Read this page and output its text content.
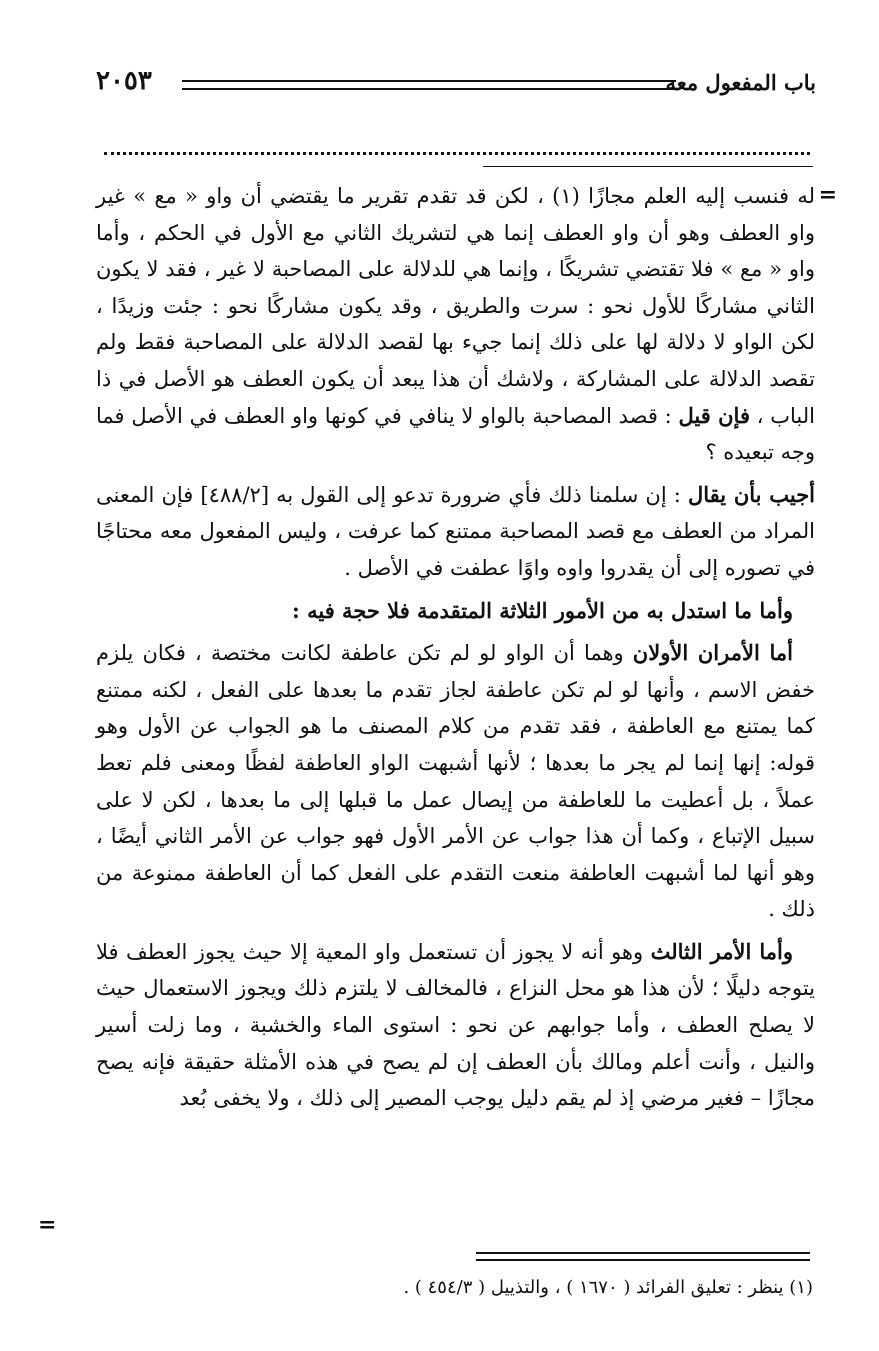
باب المفعول معه
٢٠٥٣
=

له فنسب إليه العلم مجازًا (١) ، لكن قد تقدم تقرير ما يقتضي أن واو « مع » غير واو العطف وهو أن واو العطف إنما هي لتشريك الثاني مع الأول في الحكم ، وأما واو « مع » فلا تقتضي تشريكًا ، وإنما هي للدلالة على المصاحبة لا غير ، فقد لا يكون الثاني مشاركًا للأول نحو : سرت والطريق ، وقد يكون مشاركًا نحو : جئت وزيدًا ، لكن الواو لا دلالة لها على ذلك إنما جيء بها لقصد الدلالة على المصاحبة فقط ولم تقصد الدلالة على المشاركة ، ولاشك أن هذا يبعد أن يكون العطف هو الأصل في ذا الباب ، فإن قيل : قصد المصاحبة بالواو لا ينافي في كونها واو العطف في الأصل فما وجه تبعيده ؟

أجيب بأن يقال : إن سلمنا ذلك فأي ضرورة تدعو إلى القول به [٤٨٨/٢] فإن المعنى المراد من العطف مع قصد المصاحبة ممتنع كما عرفت ، وليس المفعول معه محتاجًا في تصوره إلى أن يقدروا واوه واوًا عطفت في الأصل .

وأما ما استدل به من الأمور الثلاثة المتقدمة فلا حجة فيه :

أما الأمران الأولان وهما أن الواو لو لم تكن عاطفة لكانت مختصة ، فكان يلزم خفض الاسم ، وأنها لو لم تكن عاطفة لجاز تقدم ما بعدها على الفعل ، لكنه ممتنع كما يمتنع مع العاطفة ، فقد تقدم من كلام المصنف ما هو الجواب عن الأول وهو قوله: إنها إنما لم يجر ما بعدها ؛ لأنها أشبهت الواو العاطفة لفظًا ومعنى فلم تعط عملاً ، بل أعطيت ما للعاطفة من إيصال عمل ما قبلها إلى ما بعدها ، لكن لا على سبيل الإتباع ، وكما أن هذا جواب عن الأمر الأول فهو جواب عن الأمر الثاني أيضًا ، وهو أنها لما أشبهت العاطفة منعت التقدم على الفعل كما أن العاطفة ممنوعة من ذلك .

وأما الأمر الثالث وهو أنه لا يجوز أن تستعمل واو المعية إلا حيث يجوز العطف فلا يتوجه دليلًا ؛ لأن هذا هو محل النزاع ، فالمخالف لا يلتزم ذلك ويجوز الاستعمال حيث لا يصلح العطف ، وأما جوابهم عن نحو : استوى الماء والخشبة ، وما زلت أسير والنيل ، وأنت أعلم ومالك بأن العطف إن لم يصح في هذه الأمثلة حقيقة فإنه يصح مجازًا – فغير مرضي إذ لم يقم دليل يوجب المصير إلى ذلك ، ولا يخفى بُعد

=
(١) ينظر : تعليق الفرائد ( ١٦٧٠ ) ، والتذييل ( ٤٥٤/٣ ) .
